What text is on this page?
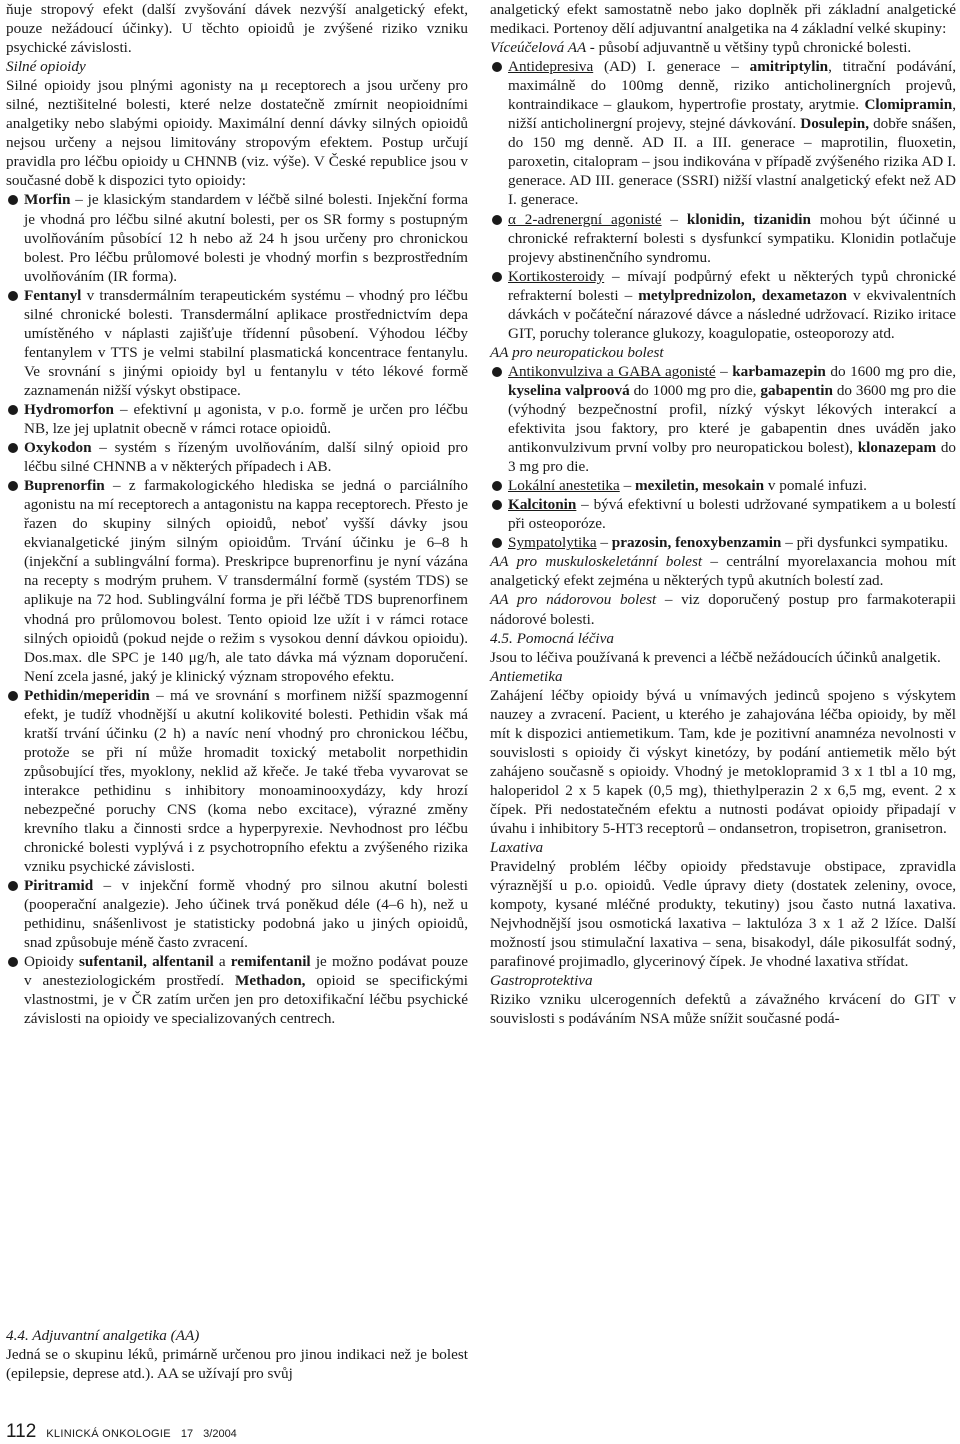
ňuje stropový efekt (další zvyšování dávek nezvýší analgetický efekt, pouze nežádoucí účinky). U těchto opioidů je zvýšené riziko vzniku psychické závislosti.

Silné opioidy

Silné opioidy jsou plnými agonisty na μ receptorech a jsou určeny pro silné, neztišitelné bolesti, které nelze dostatečně zmírnit neopioidními analgetiky nebo slabými opioidy. Maximální denní dávky silných opioidů nejsou určeny a nejsou limitovány stropovým efektem. Postup určují pravidla pro léčbu opioidy u CHNNB (viz. výše). V České republice jsou v současné době k dispozici tyto opioidy:

Morfin – je klasickým standardem v léčbě silné bolesti. Injekční forma je vhodná pro léčbu silné akutní bolesti, per os SR formy s postupným uvolňováním působící 12 h nebo až 24 h jsou určeny pro chronickou bolest. Pro léčbu průlomové bolesti je vhodný morfin s bezprostředním uvolňováním (IR forma).

Fentanyl v transdermálním terapeutickém systému – vhodný pro léčbu silné chronické bolesti. Transdermální aplikace prostřednictvím depa umístěného v náplasti zajišťuje třídenní působení. Výhodou léčby fentanylem v TTS je velmi stabilní plasmatická koncentrace fentanylu. Ve srovnání s jinými opioidy byl u fentanylu v této lékové formě zaznamenán nižší výskyt obstipace.

Hydromorfon – efektivní μ agonista, v p.o. formě je určen pro léčbu NB, lze jej uplatnit obecně v rámci rotace opioidů.

Oxykodon – systém s řízeným uvolňováním, další silný opioid pro léčbu silné CHNNB a v některých případech i AB.

Buprenorfin – z farmakologického hlediska se jedná o parciálního agonistu na mí receptorech a antagonistu na kappa receptorech. Přesto je řazen do skupiny silných opioidů, neboť vyšší dávky jsou ekvianalgetické jiným silným opioidům. Trvání účinku je 6–8 h (injekční a sublingvální forma). Preskripce buprenorfinu je nyní vázána na recepty s modrým pruhem. V transdermální formě (systém TDS) se aplikuje na 72 hod. Sublingvální forma je při léčbě TDS buprenorfinem vhodná pro průlomovou bolest. Tento opioid lze užít i v rámci rotace silných opioidů (pokud nejde o režim s vysokou denní dávkou opioidu). Dos.max. dle SPC je 140 μg/h, ale tato dávka má význam doporučení. Není zcela jasné, jaký je klinický význam stropového efektu.

Pethidin/meperidin – má ve srovnání s morfinem nižší spazmogenní efekt, je tudíž vhodnější u akutní kolikovité bolesti. Pethidin však má kratší trvání účinku (2 h) a navíc není vhodný pro chronickou léčbu, protože se při ní může hromadit toxický metabolit norpethidin způsobující třes, myoklony, neklid až křeče. Je také třeba vyvarovat se interakce pethidinu s inhibitory monoaminooxydázy, kdy hrozí nebezpečné poruchy CNS (koma nebo excitace), výrazné změny krevního tlaku a činnosti srdce a hyperpyrexie. Nevhodnost pro léčbu chronické bolesti vyplývá i z psychotropního efektu a zvýšeného rizika vzniku psychické závislosti.

Piritramid – v injekční formě vhodný pro silnou akutní bolesti (pooperační analgezie). Jeho účinek trvá poněkud déle (4–6 h), než u pethidinu, snášenlivost je statisticky podobná jako u jiných opioidů, snad způsobuje méně často zvracení.

Opioidy sufentanil, alfentanil a remifentanil je možno podávat pouze v anesteziologickém prostředí. Methadon, opioid se specifickými vlastnostmi, je v ČR zatím určen jen pro detoxifikační léčbu psychické závislosti na opioidy ve specializovaných centrech.

4.4. Adjuvantní analgetika (AA)

Jedná se o skupinu léků, primárně určenou pro jinou indikaci než je bolest (epilepsie, deprese atd.). AA se užívají pro svůj

analgetický efekt samostatně nebo jako doplněk při základní analgetické medikaci. Portenoy dělí adjuvantní analgetika na 4 základní velké skupiny:

Víceúčelová AA - působí adjuvantně u většiny typů chronické bolesti.

Antidepresiva (AD) I. generace – amitriptylin, titrační podávání, maximálně do 100mg denně, riziko anticholinergních projevů, kontraindikace – glaukom, hypertrofie prostaty, arytmie. Clomipramin, nižší anticholinergní projevy, stejné dávkování. Dosulepin, dobře snášen, do 150 mg denně. AD II. a III. generace – maprotilin, fluoxetin, paroxetin, citalopram – jsou indikována v případě zvýšeného rizika AD I. generace. AD III. generace (SSRI) nižší vlastní analgetický efekt než AD I. generace.

α 2-adrenergní agonisté – klonidin, tizanidin mohou být účinné u chronické refrakterní bolesti s dysfunkcí sympatiku. Klonidin potlačuje projevy abstinenčního syndromu.

Kortikosteroidy – mívají podpůrný efekt u některých typů chronické refrakterní bolesti – metylprednizolon, dexametazon v ekvivalentních dávkách v počáteční nárazové dávce a následné udržovací. Riziko iritace GIT, poruchy tolerance glukozy, koagulopatie, osteoporozy atd.

AA pro neuropatickou bolest

Antikonvulziva a GABA agonisté – karbamazepin do 1600 mg pro die, kyselina valproová do 1000 mg pro die, gabapentin do 3600 mg pro die (výhodný bezpečnostní profil, nízký výskyt lékových interakcí a efektivita jsou faktory, pro které je gabapentin dnes uváděn jako antikonvulzivum první volby pro neuropatickou bolest), klonazepam do 3 mg pro die.

Lokální anestetika – mexiletin, mesokain v pomalé infuzi.

Kalcitonin – bývá efektivní u bolesti udržované sympatikem a u bolestí při osteoporóze.

Sympatolytika – prazosin, fenoxybenzamin – při dysfunkci sympatiku.

AA pro muskuloskeletánní bolest – centrální myorelaxancia mohou mít analgetický efekt zejména u některých typů akutních bolestí zad.

AA pro nádorovou bolest – viz doporučený postup pro farmakoterapii nádorové bolesti.

4.5. Pomocná léčiva

Jsou to léčiva používaná k prevenci a léčbě nežádoucích účinků analgetik.

Antiemetika

Zahájení léčby opioidy bývá u vnímavých jedinců spojeno s výskytem nauzey a zvracení. Pacient, u kterého je zahajována léčba opioidy, by měl mít k dispozici antiemetikum. Tam, kde je pozitivní anamnéza nevolnosti v souvislosti s opioidy či výskyt kinetózy, by podání antiemetik mělo být zahájeno současně s opioidy. Vhodný je metoklopramid 3 x 1 tbl a 10 mg, haloperidol 2 x 5 kapek (0,5 mg), thiethylperazin 2 x 6,5 mg, event. 2 x čípek. Při nedostatečném efektu a nutnosti podávat opioidy připadají v úvahu i inhibitory 5-HT3 receptorů – ondansetron, tropisetron, granisetron.

Laxativa

Pravidelný problém léčby opioidy představuje obstipace, zpravidla výraznější u p.o. opioidů. Vedle úpravy diety (dostatek zeleniny, ovoce, kompoty, kysané mléčné produkty, tekutiny) jsou často nutná laxativa. Nejvhodnější jsou osmotická laxativa – laktulóza 3 x 1 až 2 lžíce. Další možností jsou stimulační laxativa – sena, bisakodyl, dále pikosulfát sodný, parafinové projimadlo, glycerinový čípek. Je vhodné laxativa střídat.

Gastroprotektiva

Riziko vzniku ulcerogenních defektů a závažného krvácení do GIT v souvislosti s podáváním NSA může snížit současné podá-

112 KLINICKÁ ONKOLOGIE 17 3/2004
